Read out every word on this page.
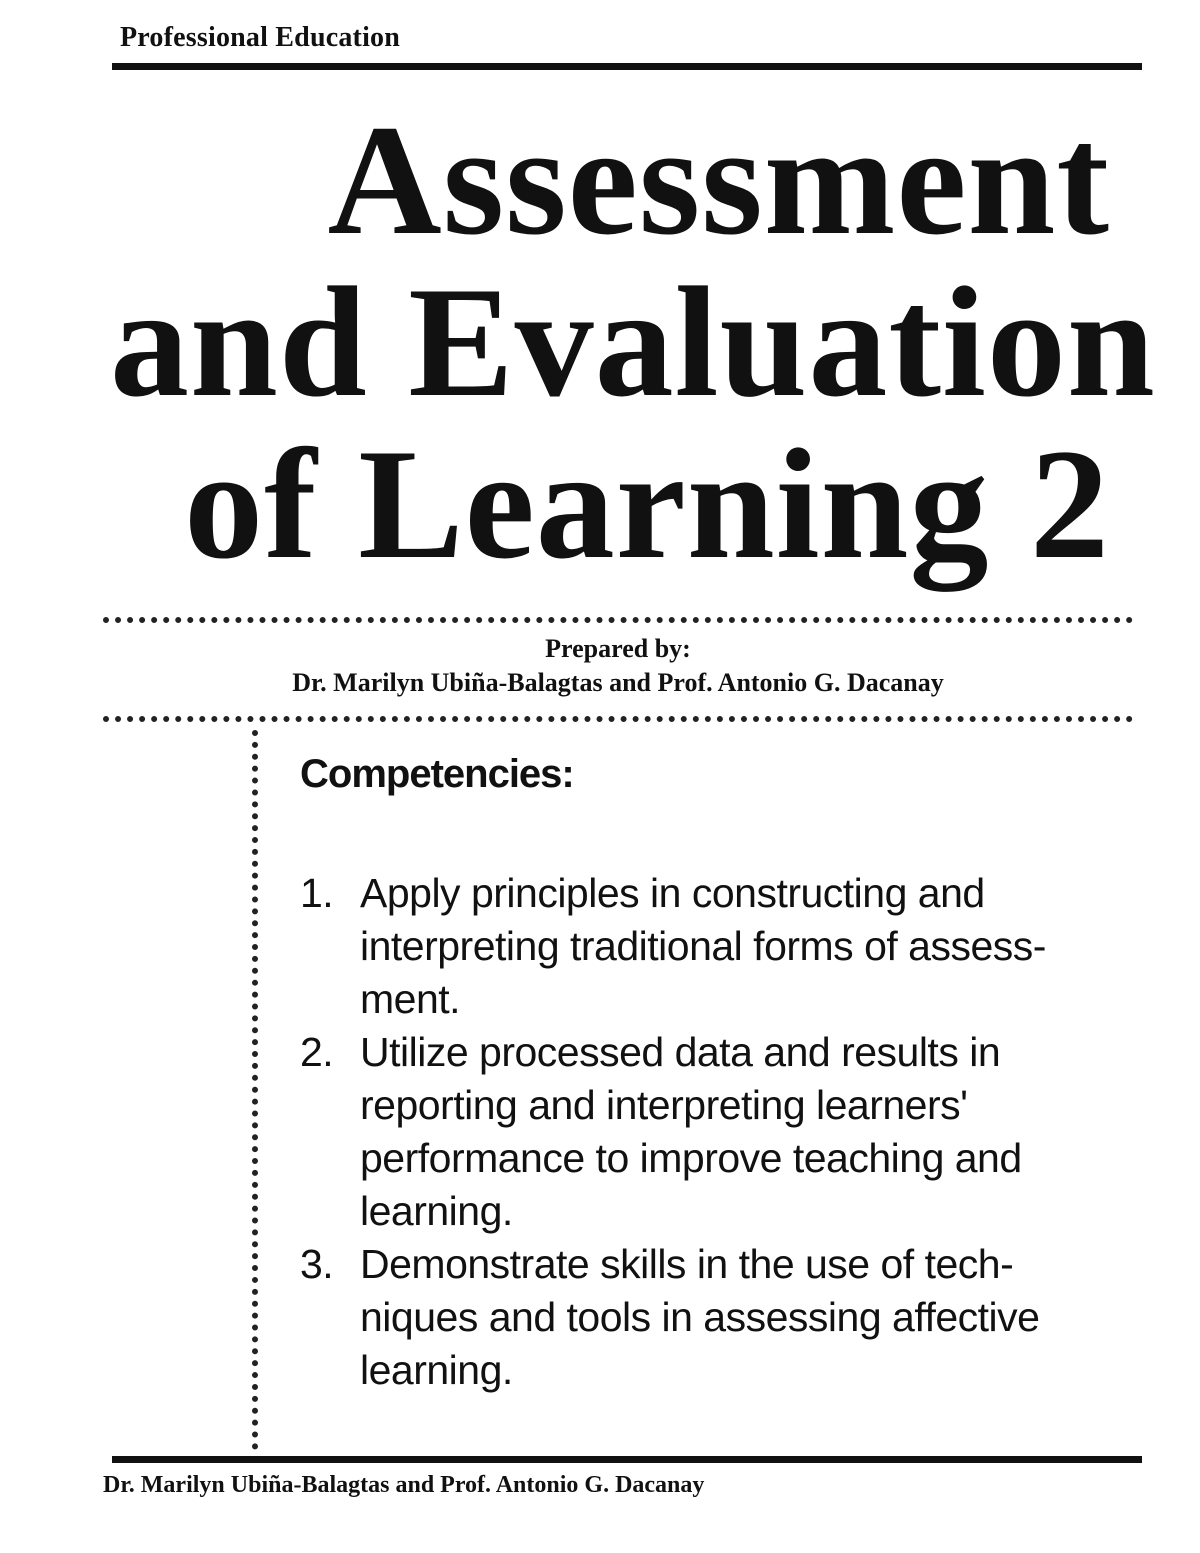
Professional Education
Assessment
and Evaluation
of Learning 2
Prepared by:
Dr. Marilyn Ubiña-Balagtas and Prof. Antonio G. Dacanay
Competencies:
1. Apply principles in constructing and interpreting traditional forms of assess-ment.
2. Utilize processed data and results in reporting and interpreting learners' performance to improve teaching and learning.
3. Demonstrate skills in the use of tech-niques and tools in assessing affective learning.
Dr. Marilyn Ubiña-Balagtas and Prof. Antonio G. Dacanay
